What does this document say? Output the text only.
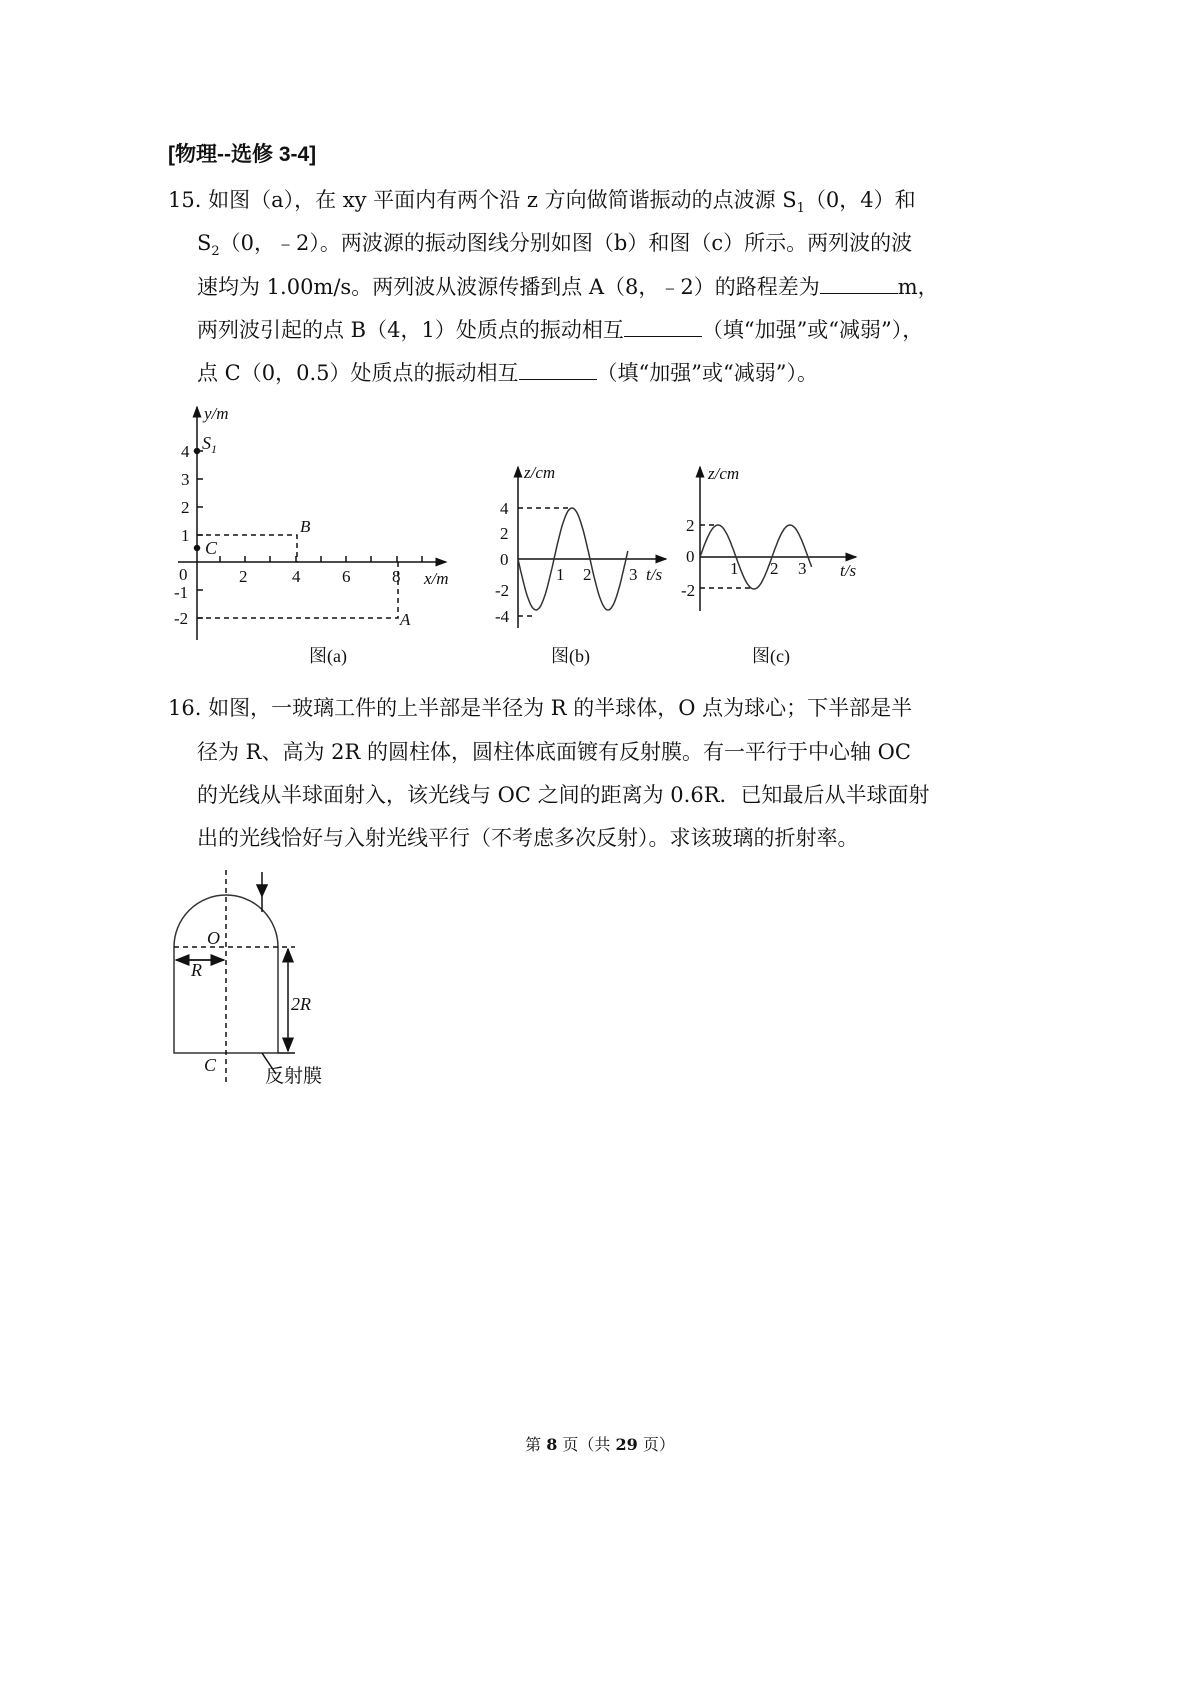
[物理--选修 3-4]
15. 如图（a），在 xy 平面内有两个沿 z 方向做简谐振动的点波源 $S_1(0$，4）和
$S_2(0$，﹣2）。两波源的振动图线分别如图（b）和图（c）所示。两列波的波
速均为 1.00m/s。两列波从波源传播到点 A（8，﹣2）的路程差为	m，
两列波引起的点 B（4，1）处质点的振动相互	（填“加强”或“减弱”），
点 C（0，0.5）处质点的振动相互	（填“加强”或“减弱”）。
y/m
$S_1$
4
3
2
1
0
-1
-2
2	4 6 8 x/m
B
C
A
图(a)
z/cm
4
2
0
-2
-4
1 2 3 t/s
图(b)
z/cm
2
0
-2
1 2 3 t/s
图(c)
16. 如图，一玻璃工件的上半部是半径为 R 的半球体，O 点为球心；下半部是半
径为 R、高为 2R 的圆柱体，圆柱体底面镀有反射膜。有一平行于中心轴 OC
的光线从半球面射入，该光线与 OC 之间的距离为 0.6R．已知最后从半球面射
出的光线恰好与入射光线平行（不考虑多次反射）。求该玻璃的折射率。
O
R
2R
C	反射膜
第 8 页（共 29 页）
